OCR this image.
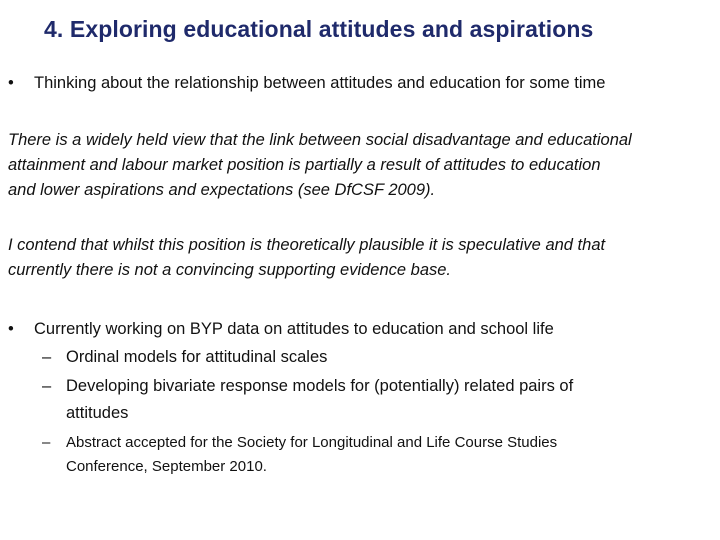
4. Exploring educational attitudes and aspirations
•	Thinking about the relationship between attitudes and education for some time
There is a widely held view that the link between social disadvantage and educational
attainment and labour market position is partially a result of attitudes to education
and lower aspirations and expectations (see DfCSF 2009).
I contend that whilst this position is theoretically plausible it is speculative and that
currently there is not a convincing supporting evidence base.
•	Currently working on BYP data on attitudes to education and school life
– Ordinal models for attitudinal scales
– Developing bivariate response models for (potentially) related pairs of
attitudes
–	Abstract accepted for the Society for Longitudinal and Life Course Studies
Conference, September 2010.
